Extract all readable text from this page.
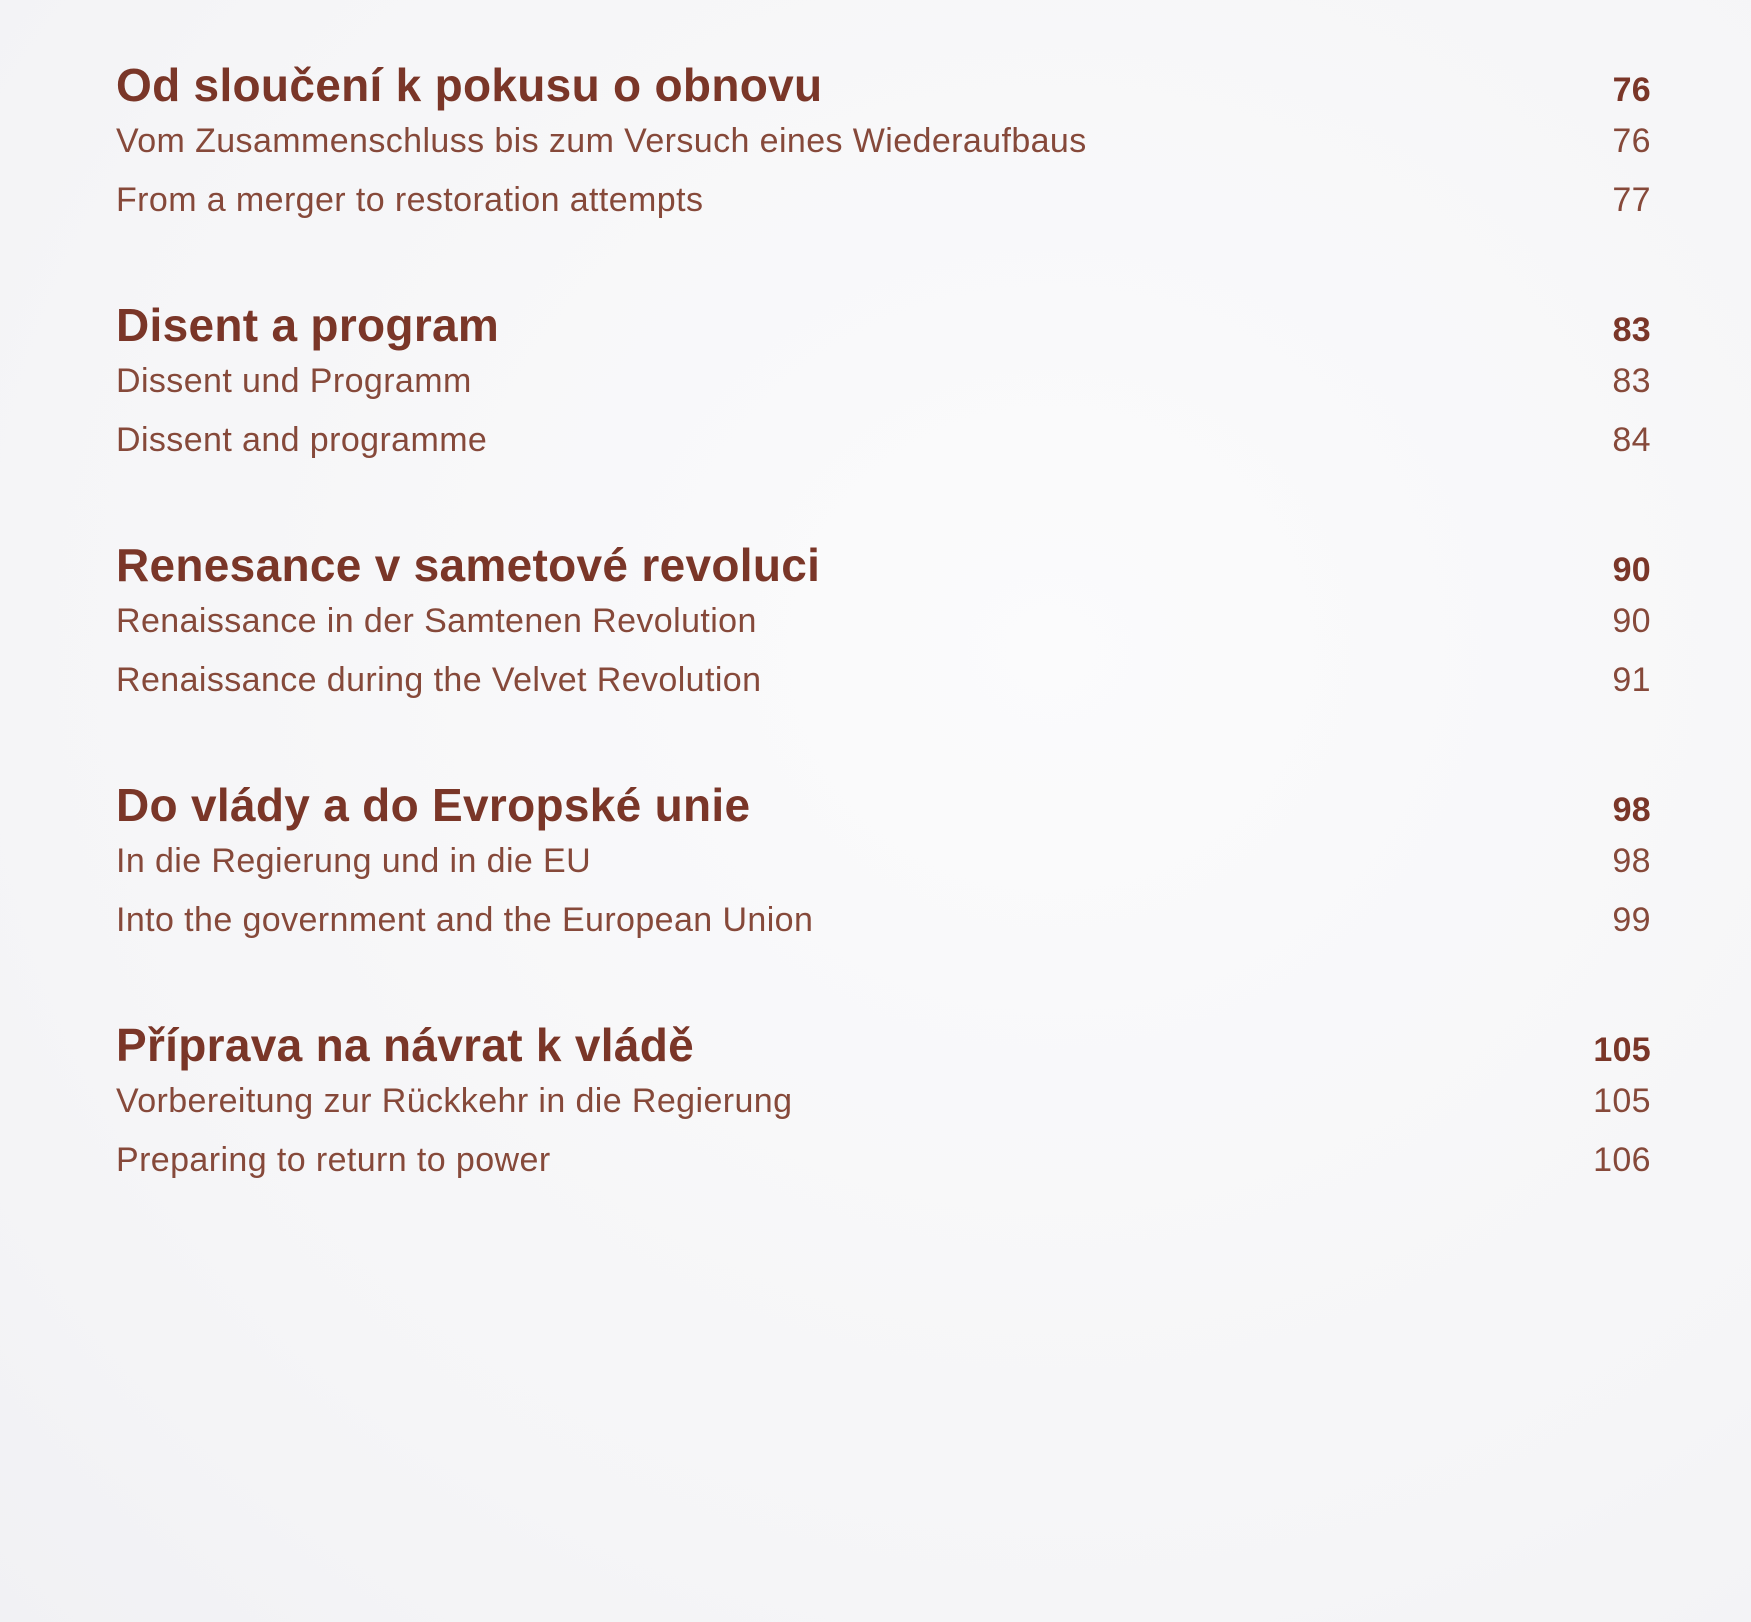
Od sloučení k pokusu o obnovu	76
Vom Zusammenschluss bis zum Versuch eines Wiederaufbaus	76
From a merger to restoration attempts	77
Disent a program	83
Dissent und Programm	83
Dissent and programme	84
Renesance v sametové revoluci	90
Renaissance in der Samtenen Revolution	90
Renaissance during the Velvet Revolution	91
Do vlády a do Evropské unie	98
In die Regierung und in die EU	98
Into the government and the European Union	99
Příprava na návrat k vládě	105
Vorbereitung zur Rückkehr in die Regierung	105
Preparing to return to power	106
